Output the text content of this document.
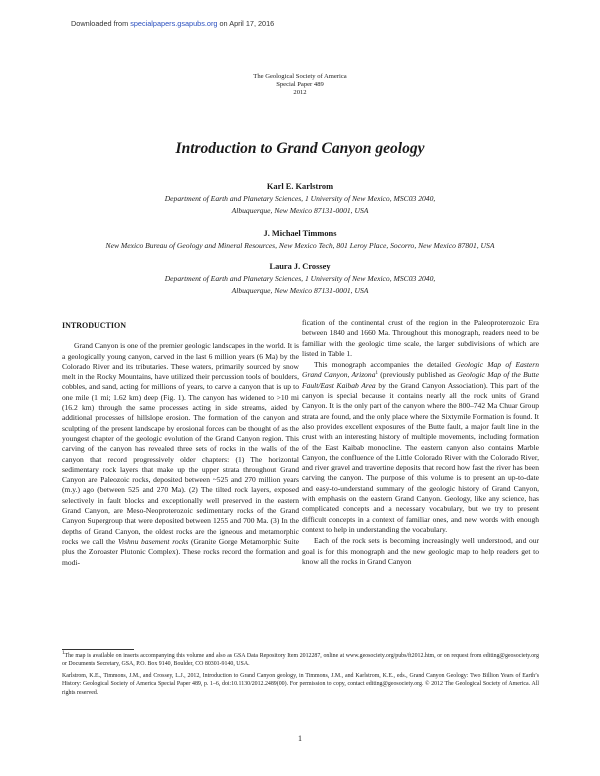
Downloaded from specialpapers.gsapubs.org on April 17, 2016
The Geological Society of America
Special Paper 489
2012
Introduction to Grand Canyon geology
Karl E. Karlstrom
Department of Earth and Planetary Sciences, 1 University of New Mexico, MSC03 2040,
Albuquerque, New Mexico 87131-0001, USA
J. Michael Timmons
New Mexico Bureau of Geology and Mineral Resources, New Mexico Tech, 801 Leroy Place, Socorro, New Mexico 87801, USA
Laura J. Crossey
Department of Earth and Planetary Sciences, 1 University of New Mexico, MSC03 2040,
Albuquerque, New Mexico 87131-0001, USA
INTRODUCTION

Grand Canyon is one of the premier geologic landscapes in the world. It is a geologically young canyon, carved in the last 6 million years (6 Ma) by the Colorado River and its tributaries. These waters, primarily sourced by snow melt in the Rocky Mountains, have utilized their percussion tools of boulders, cobbles, and sand, acting for millions of years, to carve a canyon that is up to one mile (1 mi; 1.62 km) deep (Fig. 1). The canyon has widened to >10 mi (16.2 km) through the same processes acting in side streams, aided by additional processes of hillslope erosion. The formation of the canyon and sculpting of the present landscape by erosional forces can be thought of as the youngest chapter of the geologic evolution of the Grand Canyon region. This carving of the canyon has revealed three sets of rocks in the walls of the canyon that record progressively older chapters: (1) The horizontal sedimentary rock layers that make up the upper strata throughout Grand Canyon are Paleozoic rocks, deposited between ~525 and 270 million years (m.y.) ago (between 525 and 270 Ma). (2) The tilted rock layers, exposed selectively in fault blocks and exceptionally well preserved in the eastern Grand Canyon, are Meso-Neoproterozoic sedimentary rocks of the Grand Canyon Supergroup that were deposited between 1255 and 700 Ma. (3) In the depths of Grand Canyon, the oldest rocks are the igneous and metamorphic rocks we call the Vishnu basement rocks (Granite Gorge Metamorphic Suite plus the Zoroaster Plutonic Complex). These rocks record the formation and modi-

fication of the continental crust of the region in the Paleoproterozoic Era between 1840 and 1660 Ma. Throughout this monograph, readers need to be familiar with the geologic time scale, the larger subdivisions of which are listed in Table 1.

This monograph accompanies the detailed Geologic Map of Eastern Grand Canyon, Arizona$^1$ (previously published as Geologic Map of the Butte Fault/East Kaibab Area by the Grand Canyon Association). This part of the canyon is special because it contains nearly all the rock units of Grand Canyon. It is the only part of the canyon where the 800–742 Ma Chuar Group strata are found, and the only place where the Sixtymile Formation is found. It also provides excellent exposures of the Butte fault, a major fault line in the crust with an interesting history of multiple movements, including formation of the East Kaibab monocline. The eastern canyon also contains Marble Canyon, the confluence of the Little Colorado River with the Colorado River, and river gravel and travertine deposits that record how fast the river has been carving the canyon. The purpose of this volume is to present an up-to-date and easy-to-understand summary of the geologic history of Grand Canyon, with emphasis on the eastern Grand Canyon. Geology, like any science, has complicated concepts and a necessary vocabulary, but we try to present difficult concepts in a context of familiar ones, and new words with enough context to help in understanding the vocabulary.

Each of the rock sets is becoming increasingly well understood, and our goal is for this monograph and the new geologic map to help readers get to know all the rocks in Grand Canyon

$^1$The map is available on inserts accompanying this volume and also as GSA Data Repository Item 2012287, online at www.geosociety.org/pubs/ft2012.htm, or on request from editing@geosociety.org or Documents Secretary, GSA, P.O. Box 9140, Boulder, CO 80301-9140, USA.
Karlstrom, K.E., Timmons, J.M., and Crossey, L.J., 2012, Introduction to Grand Canyon geology, in Timmons, J.M., and Karlstrom, K.E., eds., Grand Canyon Geology: Two Billion Years of Earth’s History: Geological Society of America Special Paper 489, p. 1–6, doi:10.1130/2012.2489(00). For permission to copy, contact editing@geosociety.org. © 2012 The Geological Society of America. All rights reserved.
1
